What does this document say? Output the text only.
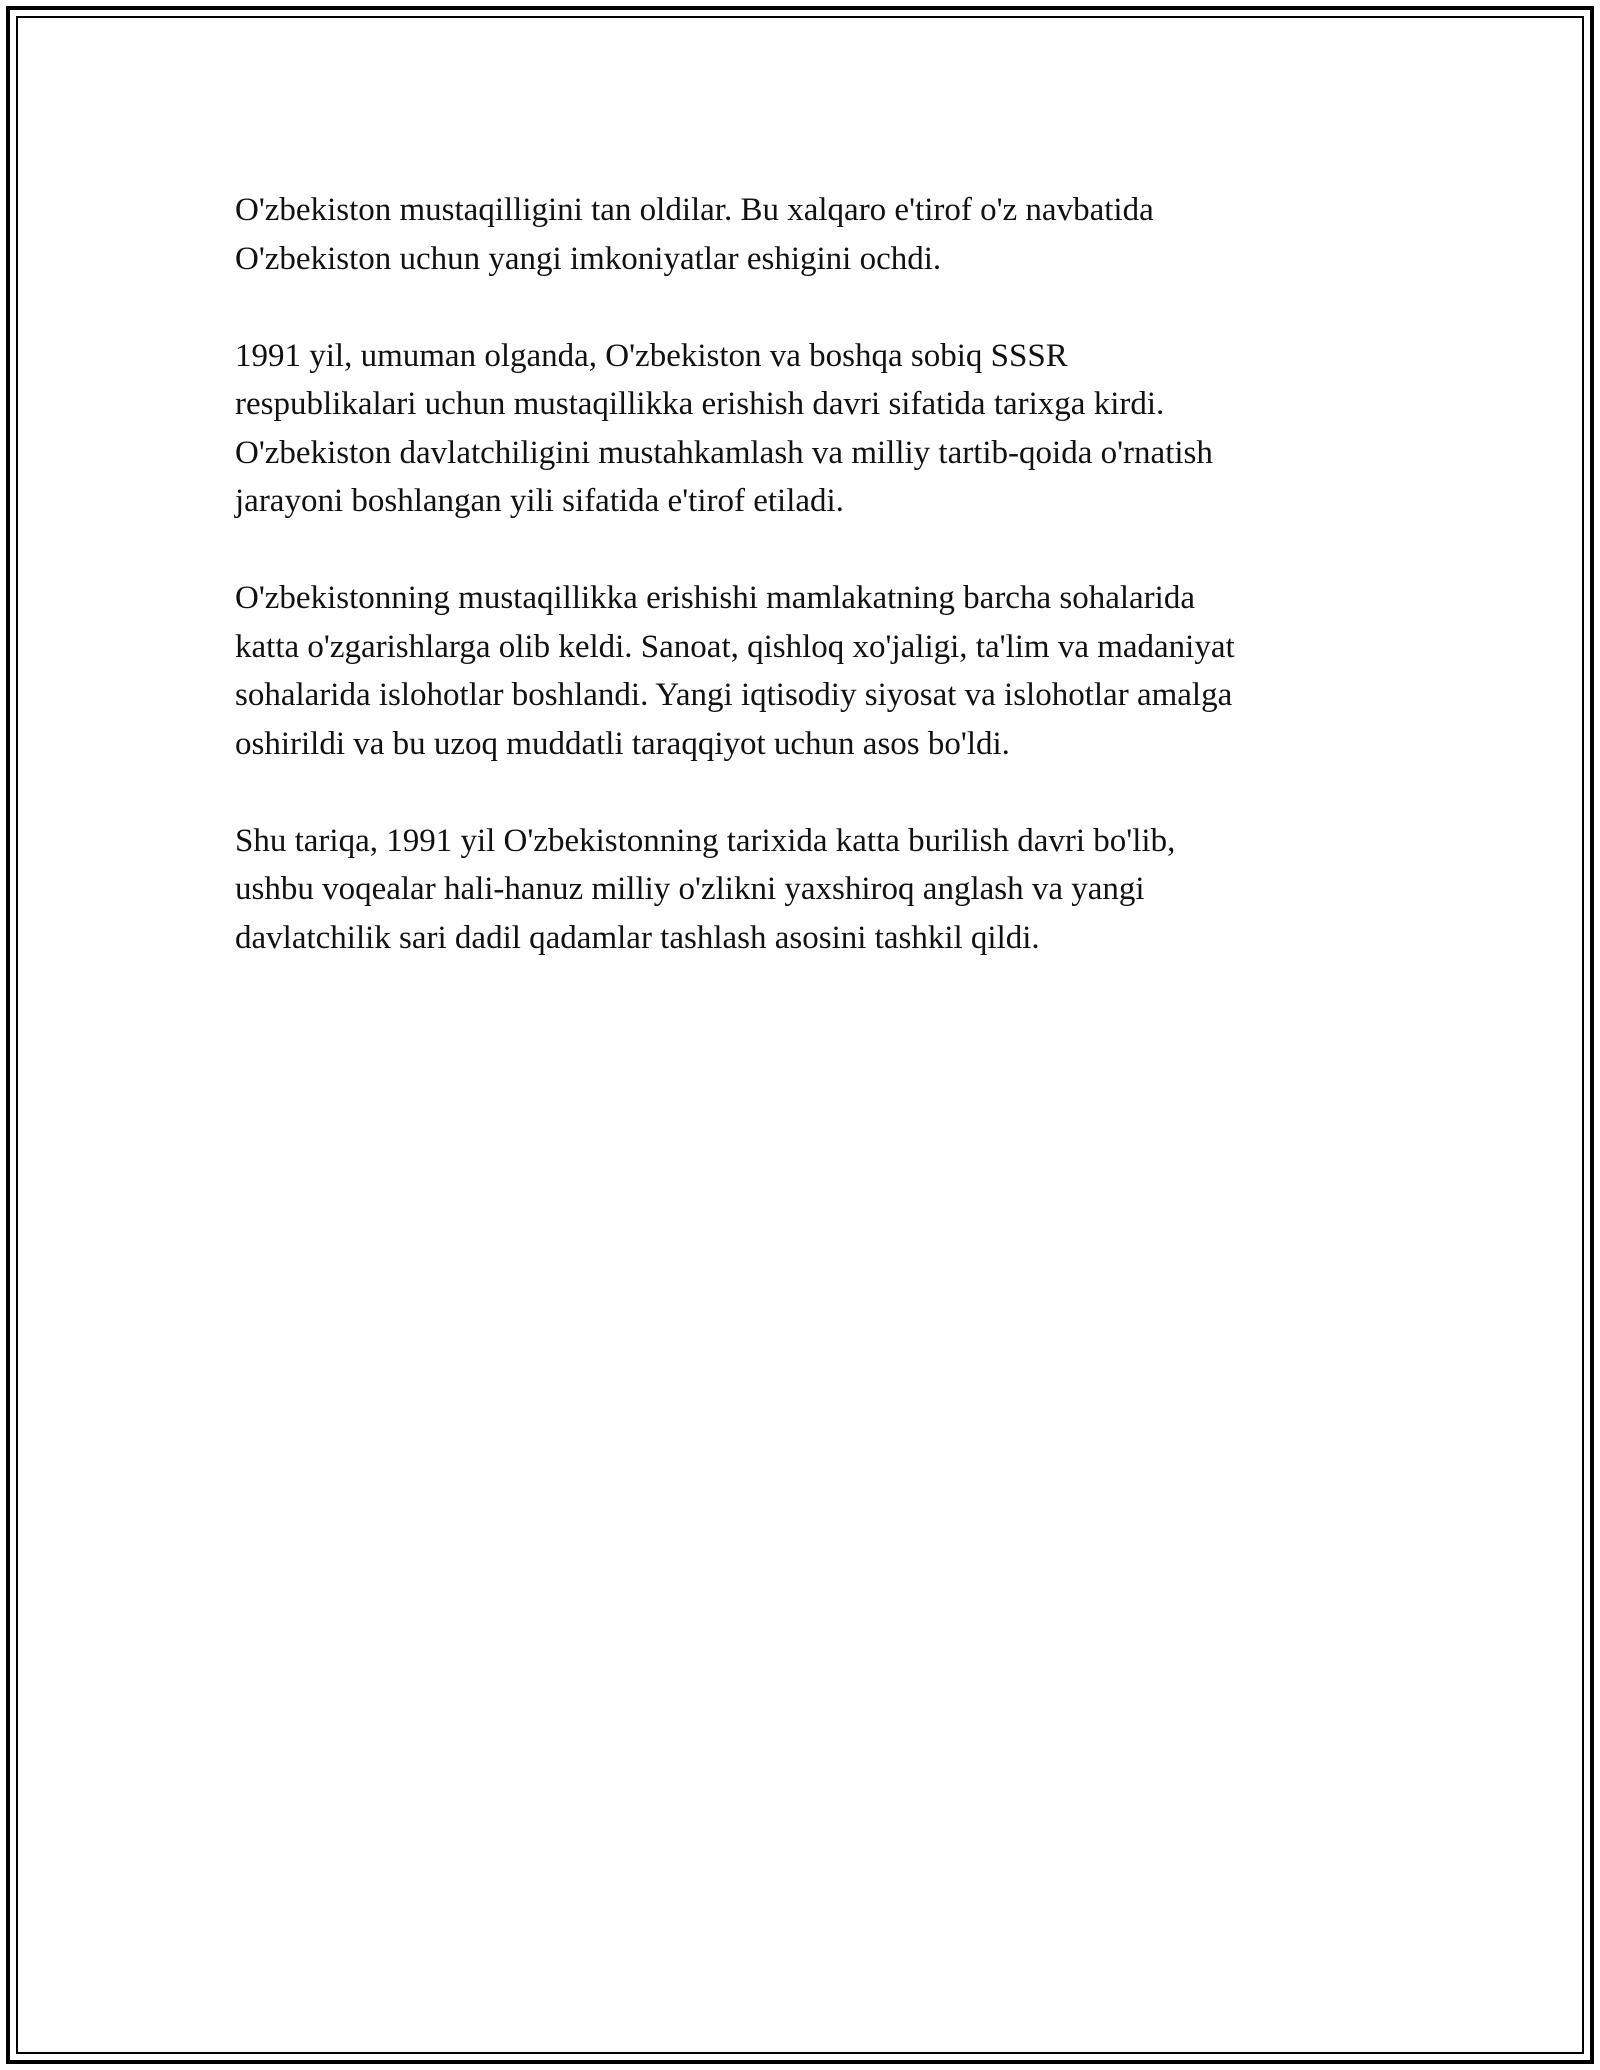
O'zbekiston mustaqilligini tan oldilar. Bu xalqaro e'tirof o'z navbatida
O'zbekiston uchun yangi imkoniyatlar eshigini ochdi.

1991 yil, umuman olganda, O'zbekiston va boshqa sobiq SSSR
respublikalari uchun mustaqillikka erishish davri sifatida tarixga kirdi.
O'zbekiston davlatchiligini mustahkamlash va milliy tartib-qoida o'rnatish
jarayoni boshlangan yili sifatida e'tirof etiladi.

O'zbekistonning mustaqillikka erishishi mamlakatning barcha sohalarida
katta o'zgarishlarga olib keldi. Sanoat, qishloq xo'jaligi, ta'lim va madaniyat
sohalarida islohotlar boshlandi. Yangi iqtisodiy siyosat va islohotlar amalga
oshirildi va bu uzoq muddatli taraqqiyot uchun asos bo'ldi.

Shu tariqa, 1991 yil O'zbekistonning tarixida katta burilish davri bo'lib,
ushbu voqealar hali-hanuz milliy o'zlikni yaxshiroq anglash va yangi
davlatchilik sari dadil qadamlar tashlash asosini tashkil qildi.
